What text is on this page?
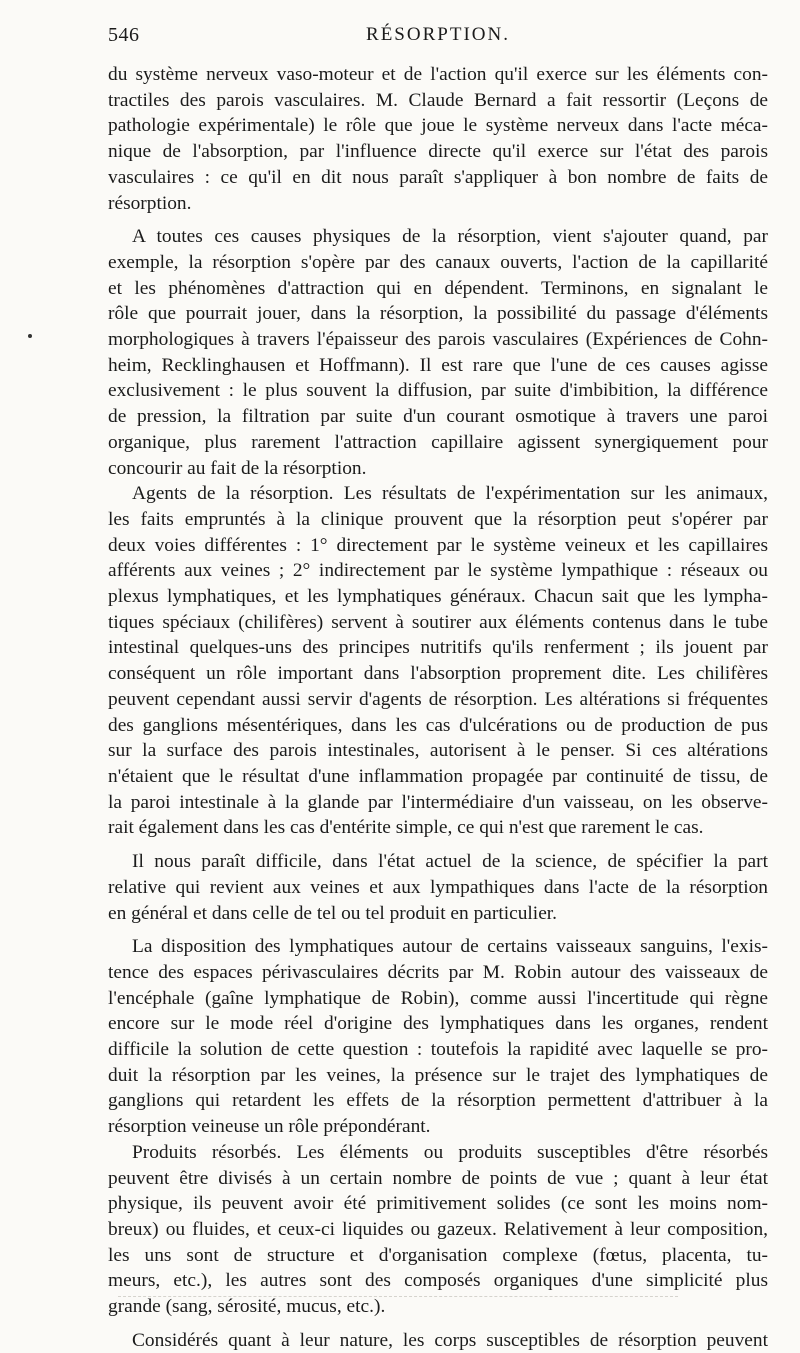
546	RÉSORPTION.

du système nerveux vaso-moteur et de l'action qu'il exerce sur les éléments con-
tractiles des parois vasculaires. M. Claude Bernard a fait ressortir (Leçons de
pathologie expérimentale) le rôle que joue le système nerveux dans l'acte méca-
nique de l'absorption, par l'influence directe qu'il exerce sur l'état des parois
vasculaires : ce qu'il en dit nous paraît s'appliquer à bon nombre de faits de
résorption.

A toutes ces causes physiques de la résorption, vient s'ajouter quand, par
exemple, la résorption s'opère par des canaux ouverts, l'action de la capillarité
et les phénomènes d'attraction qui en dépendent. Terminons, en signalant le
rôle que pourrait jouer, dans la résorption, la possibilité du passage d'éléments
morphologiques à travers l'épaisseur des parois vasculaires (Expériences de Cohn-
heim, Recklinghausen et Hoffmann). Il est rare que l'une de ces causes agisse
exclusivement : le plus souvent la diffusion, par suite d'imbibition, la différence
de pression, la filtration par suite d'un courant osmotique à travers une paroi
organique, plus rarement l'attraction capillaire agissent synergiquement pour
concourir au fait de la résorption.

Agents de la résorption. Les résultats de l'expérimentation sur les animaux,
les faits empruntés à la clinique prouvent que la résorption peut s'opérer par
deux voies différentes : 1° directement par le système veineux et les capillaires
afférents aux veines ; 2° indirectement par le système lympathique : réseaux ou
plexus lymphatiques, et les lymphatiques généraux. Chacun sait que les lympha-
tiques spéciaux (chilifères) servent à soutirer aux éléments contenus dans le tube
intestinal quelques-uns des principes nutritifs qu'ils renferment ; ils jouent par
conséquent un rôle important dans l'absorption proprement dite. Les chilifères
peuvent cependant aussi servir d'agents de résorption. Les altérations si fréquentes
des ganglions mésentériques, dans les cas d'ulcérations ou de production de pus
sur la surface des parois intestinales, autorisent à le penser. Si ces altérations
n'étaient que le résultat d'une inflammation propagée par continuité de tissu, de
la paroi intestinale à la glande par l'intermédiaire d'un vaisseau, on les observe-
rait également dans les cas d'entérite simple, ce qui n'est que rarement le cas.

Il nous paraît difficile, dans l'état actuel de la science, de spécifier la part
relative qui revient aux veines et aux lympathiques dans l'acte de la résorption
en général et dans celle de tel ou tel produit en particulier.

La disposition des lymphatiques autour de certains vaisseaux sanguins, l'exis-
tence des espaces périvasculaires décrits par M. Robin autour des vaisseaux de
l'encéphale (gaîne lymphatique de Robin), comme aussi l'incertitude qui règne
encore sur le mode réel d'origine des lymphatiques dans les organes, rendent
difficile la solution de cette question : toutefois la rapidité avec laquelle se pro-
duit la résorption par les veines, la présence sur le trajet des lymphatiques de
ganglions qui retardent les effets de la résorption permettent d'attribuer à la
résorption veineuse un rôle prépondérant.

Produits résorbés. Les éléments ou produits susceptibles d'être résorbés
peuvent être divisés à un certain nombre de points de vue ; quant à leur état
physique, ils peuvent avoir été primitivement solides (ce sont les moins nom-
breux) ou fluides, et ceux-ci liquides ou gazeux. Relativement à leur composition,
les uns sont de structure et d'organisation complexe (fœtus, placenta, tu-
meurs, etc.), les autres sont des composés organiques d'une simplicité plus
grande (sang, sérosité, mucus, etc.).

Considérés quant à leur nature, les corps susceptibles de résorption peuvent
